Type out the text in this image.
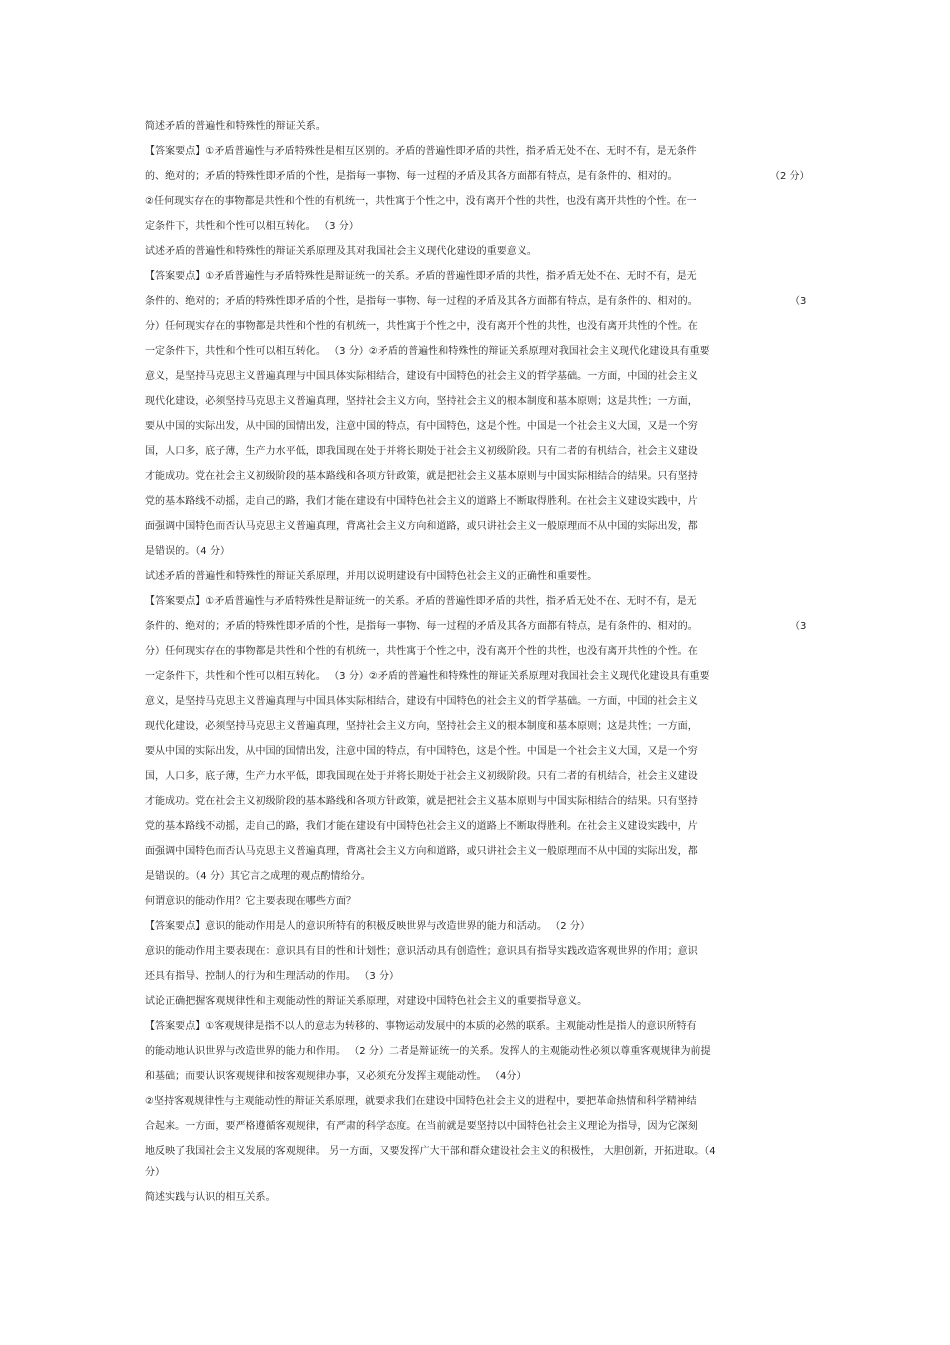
简述矛盾的普遍性和特殊性的辩证关系。
【答案要点】①矛盾普遍性与矛盾特殊性是相互区别的。矛盾的普遍性即矛盾的共性，指矛盾无处不在、无时不有，是无条件
的、绝对的；矛盾的特殊性即矛盾的个性，是指每一事物、每一过程的矛盾及其各方面都有特点，是有条件的、相对的。
②任何现实存在的事物都是共性和个性的有机统一，共性寓于个性之中，没有离开个性的共性，也没有离开共性的个性。在一
定条件下，共性和个性可以相互转化。 （3 分）
试述矛盾的普遍性和特殊性的辩证关系原理及其对我国社会主义现代化建设的重要意义。
【答案要点】①矛盾普遍性与矛盾特殊性是辩证统一的关系。矛盾的普遍性即矛盾的共性，指矛盾无处不在、无时不有，是无
条件的、绝对的；矛盾的特殊性即矛盾的个性，是指每一事物、每一过程的矛盾及其各方面都有特点，是有条件的、相对的。
分）任何现实存在的事物都是共性和个性的有机统一，共性寓于个性之中，没有离开个性的共性，也没有离开共性的个性。在
一定条件下，共性和个性可以相互转化。 （3 分）②矛盾的普遍性和特殊性的辩证关系原理对我国社会主义现代化建设具有重要
意义，是坚持马克思主义普遍真理与中国具体实际相结合，建设有中国特色的社会主义的哲学基础。一方面，中国的社会主义
现代化建设，必须坚持马克思主义普遍真理，坚持社会主义方向，坚持社会主义的根本制度和基本原则；这是共性；一方面，
要从中国的实际出发，从中国的国情出发，注意中国的特点，有中国特色，这是个性。中国是一个社会主义大国，又是一个穷
国，人口多，底子薄，生产力水平低，即我国现在处于并将长期处于社会主义初级阶段。只有二者的有机结合，社会主义建设
才能成功。党在社会主义初级阶段的基本路线和各项方针政策，就是把社会主义基本原则与中国实际相结合的结果。只有坚持
党的基本路线不动摇，走自己的路，我们才能在建设有中国特色社会主义的道路上不断取得胜利。在社会主义建设实践中，片
面强调中国特色而否认马克思主义普遍真理，背离社会主义方向和道路，或只讲社会主义一般原理而不从中国的实际出发，都
是错误的。（4 分）
试述矛盾的普遍性和特殊性的辩证关系原理，并用以说明建设有中国特色社会主义的正确性和重要性。
【答案要点】①矛盾普遍性与矛盾特殊性是辩证统一的关系。矛盾的普遍性即矛盾的共性，指矛盾无处不在、无时不有，是无
条件的、绝对的；矛盾的特殊性即矛盾的个性，是指每一事物、每一过程的矛盾及其各方面都有特点，是有条件的、相对的。
分）任何现实存在的事物都是共性和个性的有机统一，共性寓于个性之中，没有离开个性的共性，也没有离开共性的个性。在
一定条件下，共性和个性可以相互转化。 （3 分）②矛盾的普遍性和特殊性的辩证关系原理对我国社会主义现代化建设具有重要
意义，是坚持马克思主义普遍真理与中国具体实际相结合，建设有中国特色的社会主义的哲学基础。一方面，中国的社会主义
现代化建设，必须坚持马克思主义普遍真理，坚持社会主义方向，坚持社会主义的根本制度和基本原则；这是共性；一方面，
要从中国的实际出发，从中国的国情出发，注意中国的特点，有中国特色，这是个性。中国是一个社会主义大国，又是一个穷
国，人口多，底子薄，生产力水平低，即我国现在处于并将长期处于社会主义初级阶段。只有二者的有机结合，社会主义建设
才能成功。党在社会主义初级阶段的基本路线和各项方针政策，就是把社会主义基本原则与中国实际相结合的结果。只有坚持
党的基本路线不动摇，走自己的路，我们才能在建设有中国特色社会主义的道路上不断取得胜利。在社会主义建设实践中，片
面强调中国特色而否认马克思主义普遍真理，背离社会主义方向和道路，或只讲社会主义一般原理而不从中国的实际出发，都
是错误的。（4 分）其它言之成理的观点酌情给分。
何谓意识的能动作用？它主要表现在哪些方面？
【答案要点】意识的能动作用是人的意识所特有的积极反映世界与改造世界的能力和活动。 （2 分）
意识的能动作用主要表现在：意识具有目的性和计划性；意识活动具有创造性；意识具有指导实践改造客观世界的作用；意识
还具有指导、控制人的行为和生理活动的作用。 （3 分）
试论正确把握客观规律性和主观能动性的辩证关系原理，对建设中国特色社会主义的重要指导意义。
【答案要点】①客观规律是指不以人的意志为转移的、事物运动发展中的本质的必然的联系。主观能动性是指人的意识所特有
的能动地认识世界与改造世界的能力和作用。 （2 分）二者是辩证统一的关系。发挥人的主观能动性必须以尊重客观规律为前提
和基础；而要认识客观规律和按客观规律办事，又必须充分发挥主观能动性。 （4分）
②坚持客观规律性与主观能动性的辩证关系原理，就要求我们在建设中国特色社会主义的进程中，要把革命热情和科学精神结
合起来。一方面，要严格遵循客观规律，有严肃的科学态度。在当前就是要坚持以中国特色社会主义理论为指导，因为它深刻
地反映了我国社会主义发展的客观规律。 另一方面，又要发挥广大干部和群众建设社会主义的积极性， 大胆创新，开拓进取。（4
分）
简述实践与认识的相互关系。
（2 分）
（3
（3
